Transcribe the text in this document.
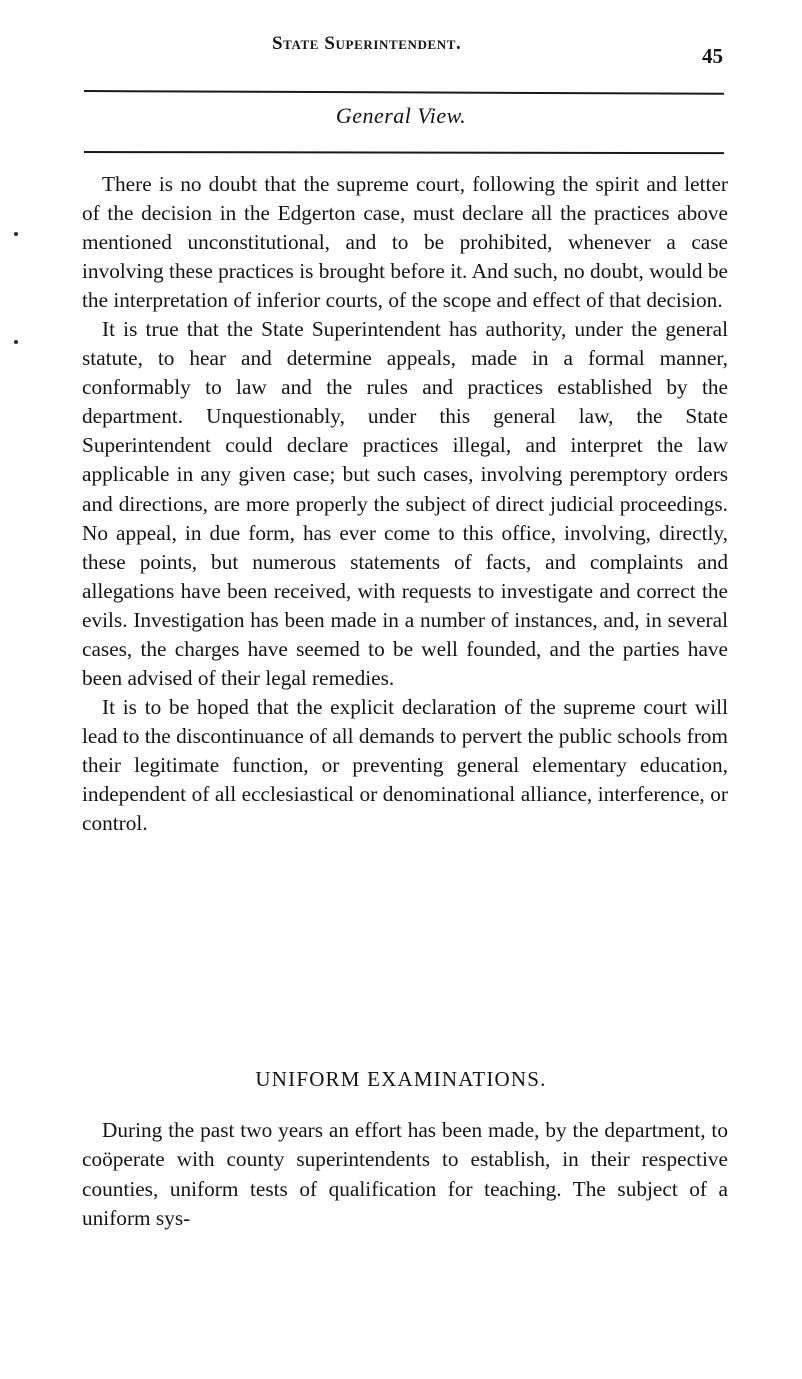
State Superintendent.
45
General View.

There is no doubt that the supreme court, following the spirit and letter of the decision in the Edgerton case, must declare all the practices above mentioned unconstitutional, and to be prohibited, whenever a case involving these practices is brought before it. And such, no doubt, would be the interpretation of inferior courts, of the scope and effect of that decision.

It is true that the State Superintendent has authority, under the general statute, to hear and determine appeals, made in a formal manner, conformably to law and the rules and practices established by the department. Unquestionably, under this general law, the State Superintendent could declare practices illegal, and interpret the law applicable in any given case; but such cases, involving peremptory orders and directions, are more properly the subject of direct judicial proceedings. No appeal, in due form, has ever come to this office, involving, directly, these points, but numerous statements of facts, and complaints and allegations have been received, with requests to investigate and correct the evils. Investigation has been made in a number of instances, and, in several cases, the charges have seemed to be well founded, and the parties have been advised of their legal remedies.

It is to be hoped that the explicit declaration of the supreme court will lead to the discontinuance of all demands to pervert the public schools from their legitimate function, or preventing general elementary education, independent of all ecclesiastical or denominational alliance, interference, or control.

UNIFORM EXAMINATIONS.

During the past two years an effort has been made, by the department, to coöperate with county superintendents to establish, in their respective counties, uniform tests of qualification for teaching. The subject of a uniform sys-
